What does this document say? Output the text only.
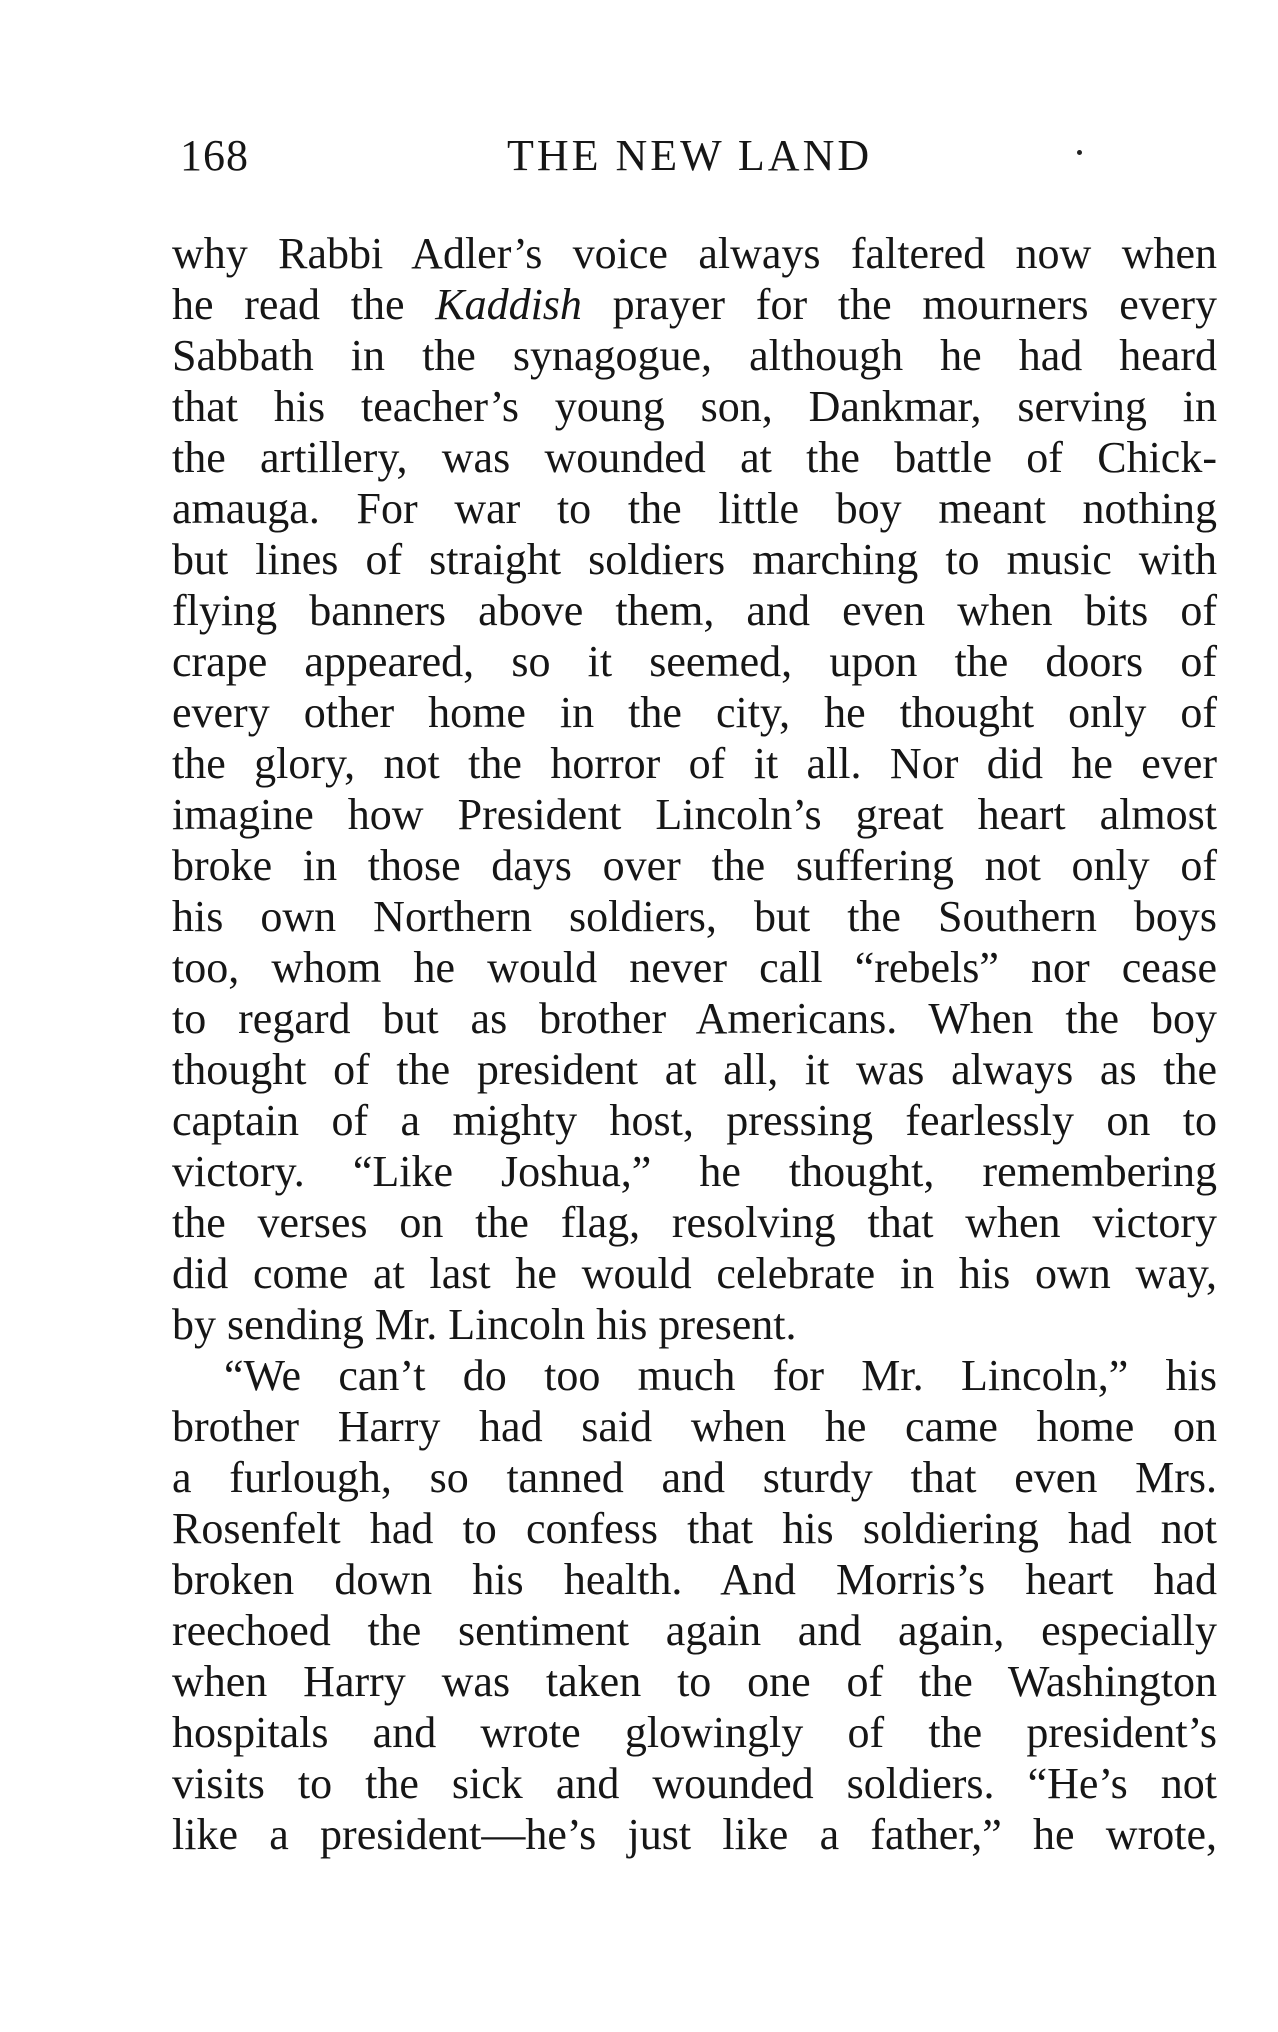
168	THE NEW LAND
why Rabbi Adler’s voice always faltered now when
he read the Kaddish prayer for the mourners every
Sabbath in the synagogue, although he had heard
that his teacher’s young son, Dankmar, serving in
the artillery, was wounded at the battle of Chick-
amauga. For war to the little boy meant nothing
but lines of straight soldiers marching to music with
flying banners above them, and even when bits of
crape appeared, so it seemed, upon the doors of
every other home in the city, he thought only of
the glory, not the horror of it all. Nor did he ever
imagine how President Lincoln’s great heart almost
broke in those days over the suffering not only of
his own Northern soldiers, but the Southern boys
too, whom he would never call “rebels” nor cease
to regard but as brother Americans. When the boy
thought of the president at all, it was always as the
captain of a mighty host, pressing fearlessly on to
victory. “Like Joshua,” he thought, remembering
the verses on the flag, resolving that when victory
did come at last he would celebrate in his own way,
by sending Mr. Lincoln his present.
“We can’t do too much for Mr. Lincoln,” his
brother Harry had said when he came home on
a furlough, so tanned and sturdy that even Mrs.
Rosenfelt had to confess that his soldiering had not
broken down his health. And Morris’s heart had
reechoed the sentiment again and again, especially
when Harry was taken to one of the Washington
hospitals and wrote glowingly of the president’s
visits to the sick and wounded soldiers. “He’s not
like a president—he’s just like a father,” he wrote,
